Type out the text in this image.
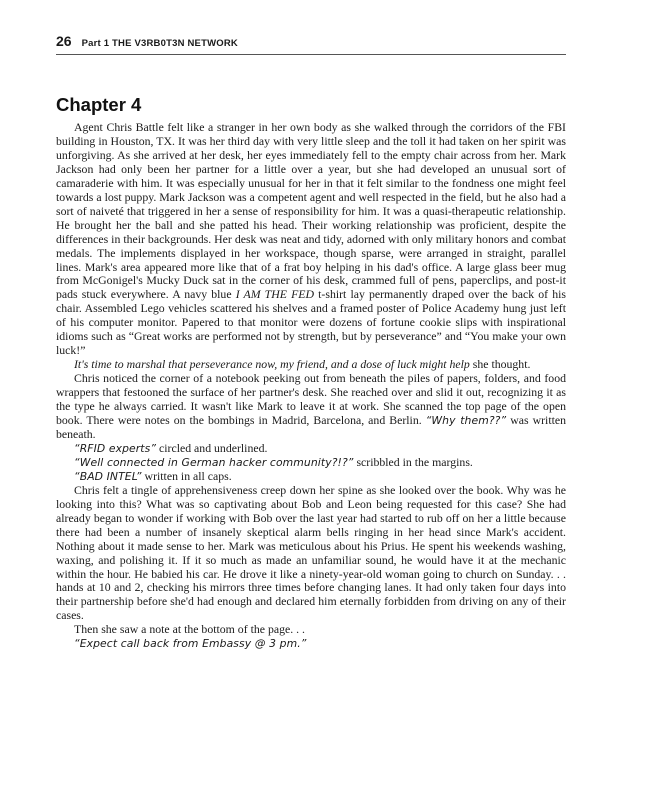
26 Part 1 THE V3RB0T3N NETWORK
Chapter 4

Agent Chris Battle felt like a stranger in her own body as she walked through the corridors of the FBI building in Houston, TX. It was her third day with very little sleep and the toll it had taken on her spirit was unforgiving. As she arrived at her desk, her eyes immediately fell to the empty chair across from her. Mark Jackson had only been her partner for a little over a year, but she had developed an unusual sort of camaraderie with him. It was especially unusual for her in that it felt similar to the fondness one might feel towards a lost puppy. Mark Jackson was a competent agent and well respected in the field, but he also had a sort of naiveté that triggered in her a sense of responsibility for him. It was a quasi-therapeutic relationship. He brought her the ball and she patted his head. Their working relationship was proficient, despite the differences in their backgrounds. Her desk was neat and tidy, adorned with only military honors and combat medals. The implements displayed in her workspace, though sparse, were arranged in straight, parallel lines. Mark's area appeared more like that of a frat boy helping in his dad's office. A large glass beer mug from McGonigel's Mucky Duck sat in the corner of his desk, crammed full of pens, paperclips, and post-it pads stuck everywhere. A navy blue I AM THE FED t-shirt lay permanently draped over the back of his chair. Assembled Lego vehicles scattered his shelves and a framed poster of Police Academy hung just left of his computer monitor. Papered to that monitor were dozens of fortune cookie slips with inspirational idioms such as “Great works are performed not by strength, but by perseverance” and “You make your own luck!”

It's time to marshal that perseverance now, my friend, and a dose of luck might help she thought.

Chris noticed the corner of a notebook peeking out from beneath the piles of papers, folders, and food wrappers that festooned the surface of her partner's desk. She reached over and slid it out, recognizing it as the type he always carried. It wasn't like Mark to leave it at work. She scanned the top page of the open book. There were notes on the bombings in Madrid, Barcelona, and Berlin. “Why them??” was written beneath.

“RFID experts” circled and underlined.

“Well connected in German hacker community?!?” scribbled in the margins.

“BAD INTEL” written in all caps.

Chris felt a tingle of apprehensiveness creep down her spine as she looked over the book. Why was he looking into this? What was so captivating about Bob and Leon being requested for this case? She had already began to wonder if working with Bob over the last year had started to rub off on her a little because there had been a number of insanely skeptical alarm bells ringing in her head since Mark's accident. Nothing about it made sense to her. Mark was meticulous about his Prius. He spent his weekends washing, waxing, and polishing it. If it so much as made an unfamiliar sound, he would have it at the mechanic within the hour. He babied his car. He drove it like a ninety-year-old woman going to church on Sunday. . . hands at 10 and 2, checking his mirrors three times before changing lanes. It had only taken four days into their partnership before she'd had enough and declared him eternally forbidden from driving on any of their cases.

Then she saw a note at the bottom of the page. . .

“Expect call back from Embassy @ 3 pm.”
